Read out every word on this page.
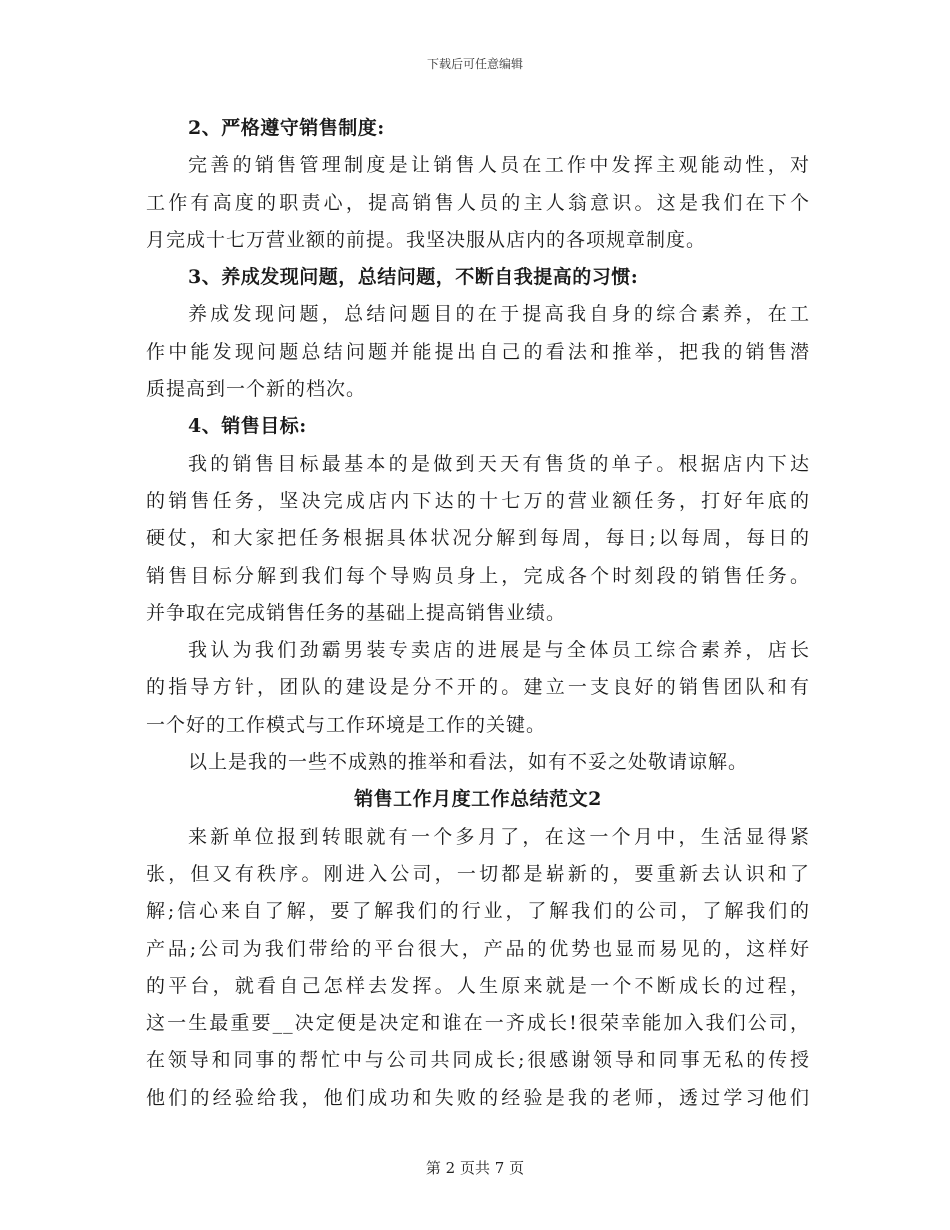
下载后可任意编辑
2、严格遵守销售制度:
完善的销售管理制度是让销售人员在工作中发挥主观能动性，对
工作有高度的职责心，提高销售人员的主人翁意识。这是我们在下个
月完成十七万营业额的前提。我坚决服从店内的各项规章制度。
3、养成发现问题，总结问题，不断自我提高的习惯:
养成发现问题，总结问题目的在于提高我自身的综合素养，在工
作中能发现问题总结问题并能提出自己的看法和推举，把我的销售潜
质提高到一个新的档次。
4、销售目标:
我的销售目标最基本的是做到天天有售货的单子。根据店内下达
的销售任务，坚决完成店内下达的十七万的营业额任务，打好年底的
硬仗，和大家把任务根据具体状况分解到每周，每日;以每周，每日的
销售目标分解到我们每个导购员身上，完成各个时刻段的销售任务。
并争取在完成销售任务的基础上提高销售业绩。
我认为我们劲霸男装专卖店的进展是与全体员工综合素养，店长
的指导方针，团队的建设是分不开的。建立一支良好的销售团队和有
一个好的工作模式与工作环境是工作的关键。
以上是我的一些不成熟的推举和看法，如有不妥之处敬请谅解。
销售工作月度工作总结范文2
来新单位报到转眼就有一个多月了，在这一个月中，生活显得紧
张，但又有秩序。刚进入公司，一切都是崭新的，要重新去认识和了
解;信心来自了解，要了解我们的行业，了解我们的公司，了解我们的
产品;公司为我们带给的平台很大，产品的优势也显而易见的，这样好
的平台，就看自己怎样去发挥。人生原来就是一个不断成长的过程，
这一生最重要__决定便是决定和谁在一齐成长!很荣幸能加入我们公司，
在领导和同事的帮忙中与公司共同成长;很感谢领导和同事无私的传授
他们的经验给我，他们成功和失败的经验是我的老师，透过学习他们
第 2 页共 7 页
